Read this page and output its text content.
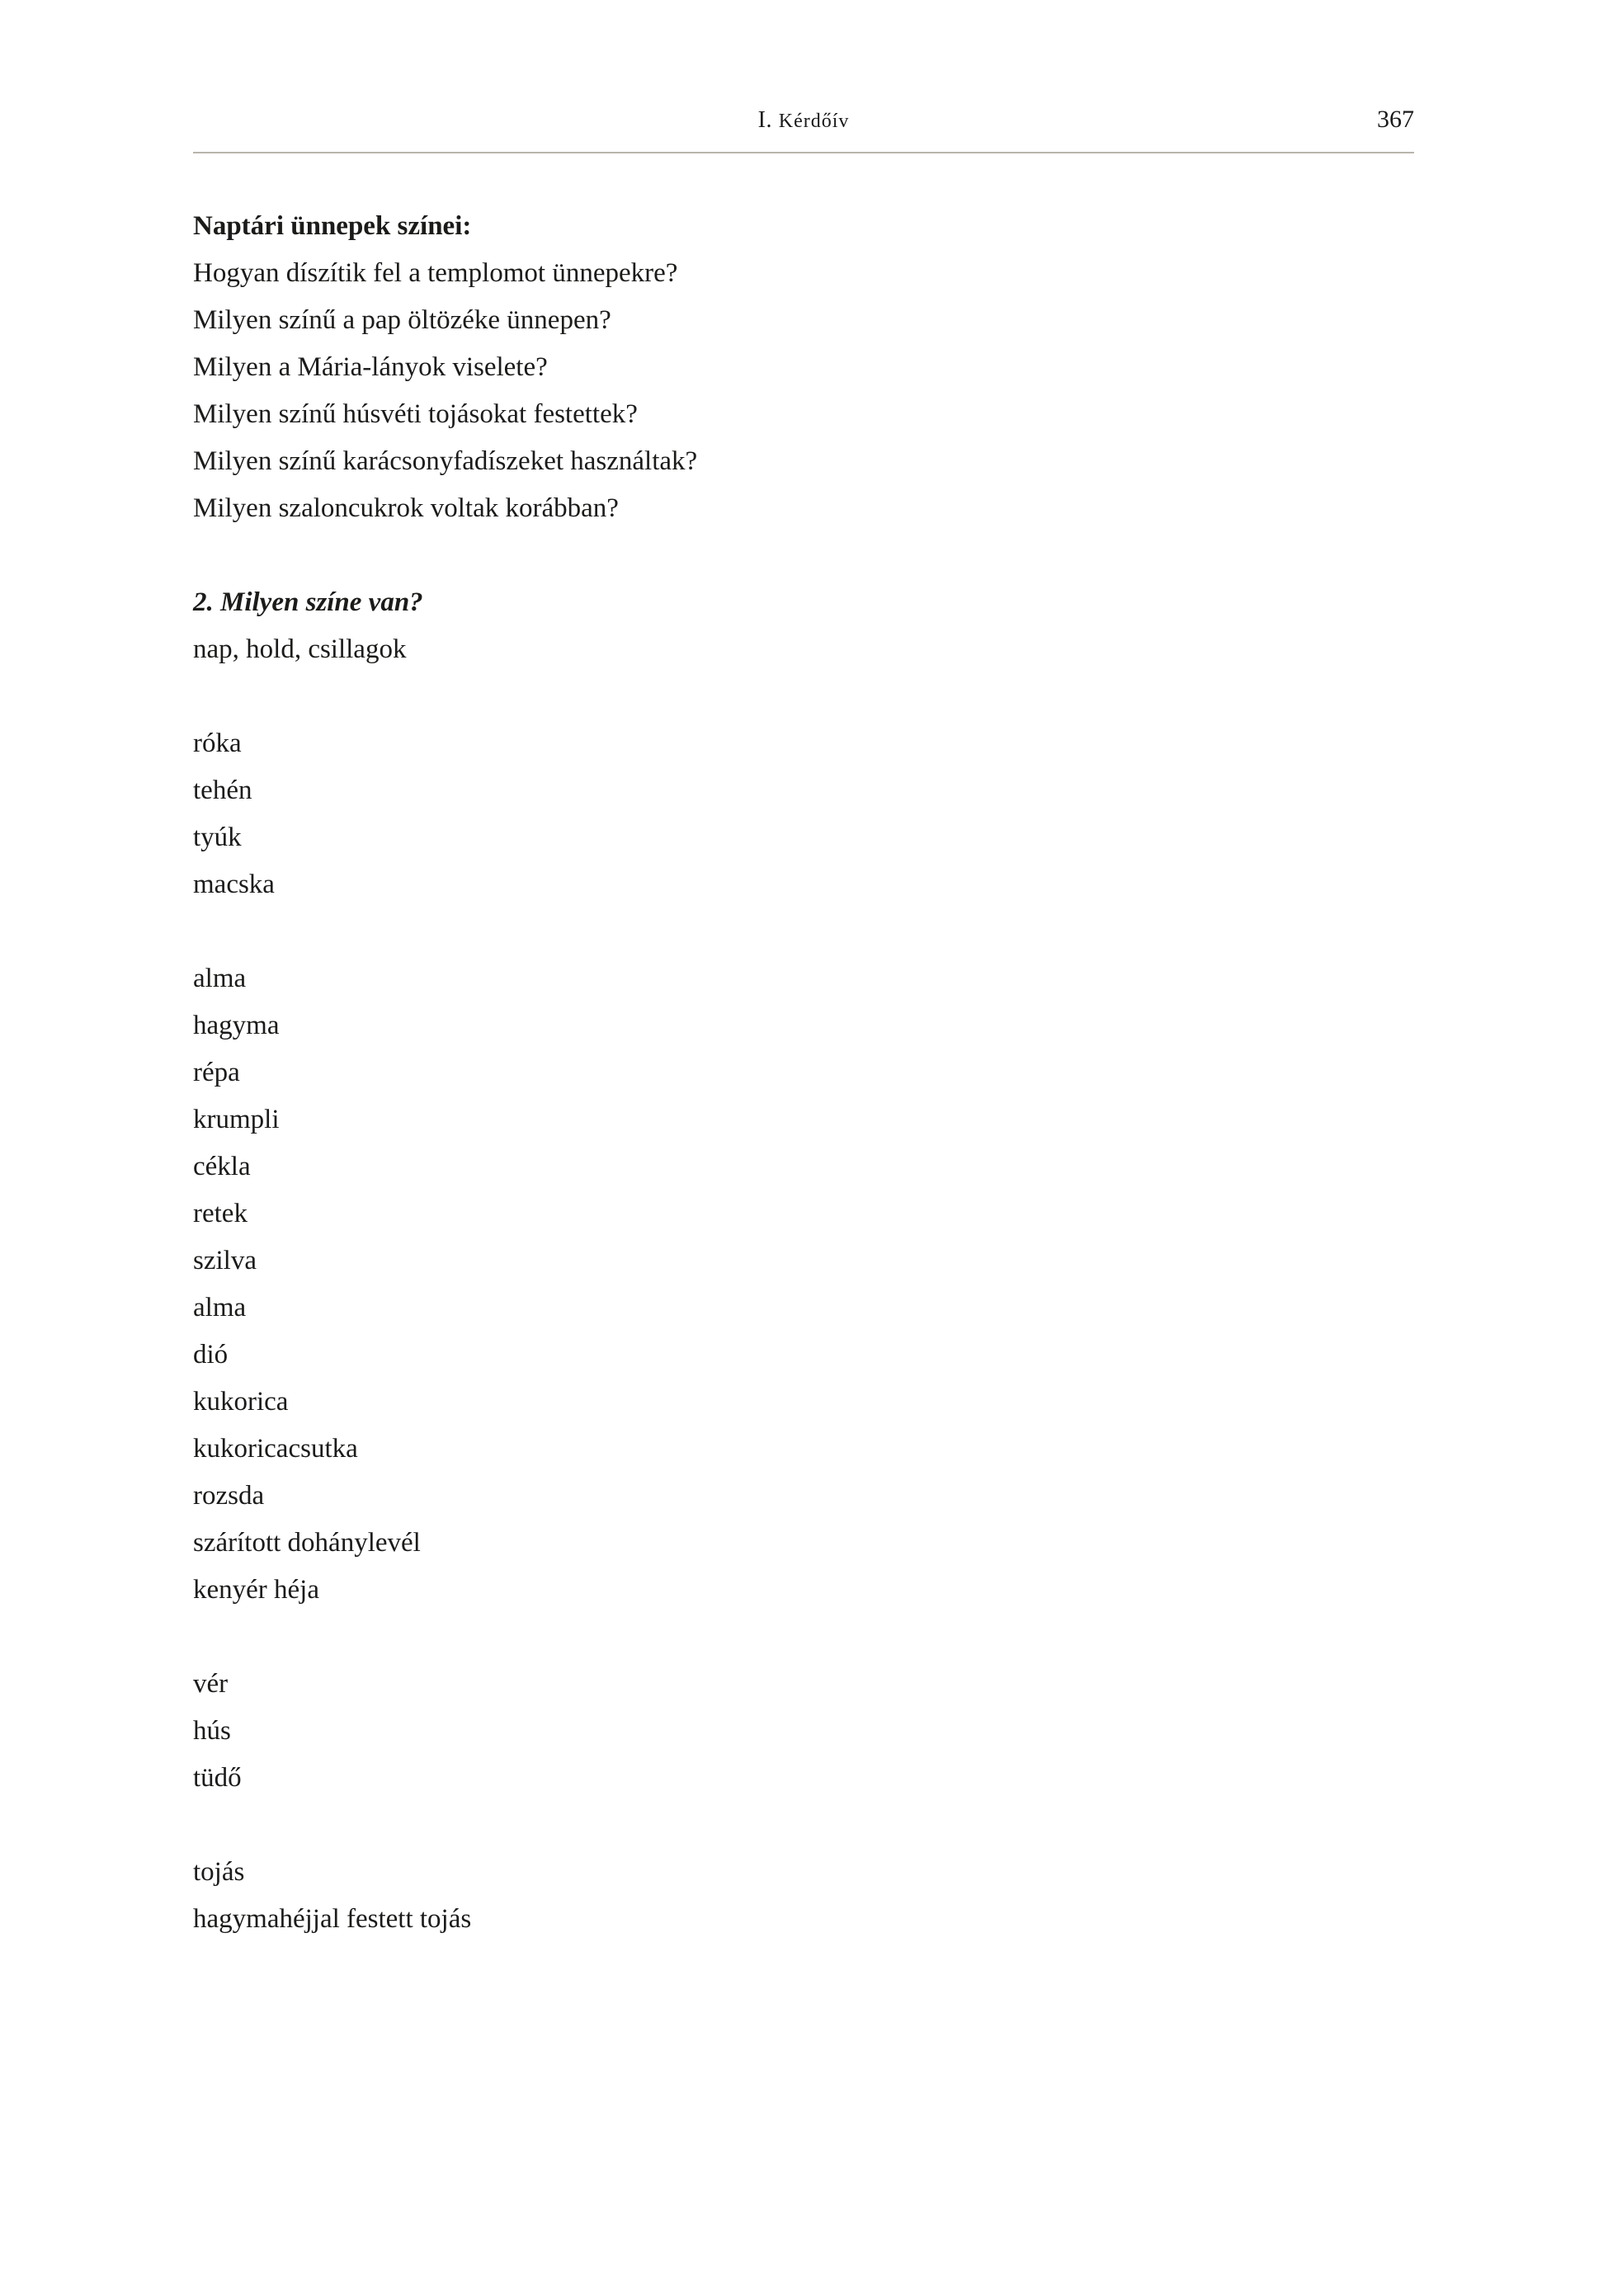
I. Kérdőív	367
Naptári ünnepek színei:
Hogyan díszítik fel a templomot ünnepekre?
Milyen színű a pap öltözéke ünnepen?
Milyen a Mária-lányok viselete?
Milyen színű húsvéti tojásokat festettek?
Milyen színű karácsonyfadíszeket használtak?
Milyen szaloncukrok voltak korábban?
2. Milyen színe van?
nap, hold, csillagok
róka
tehén
tyúk
macska
alma
hagyma
répa
krumpli
cékla
retek
szilva
alma
dió
kukorica
kukoricacsutka
rozsda
szárított dohánylevél
kenyér héja
vér
hús
tüdő
tojás
hagymahéjjal festett tojás
